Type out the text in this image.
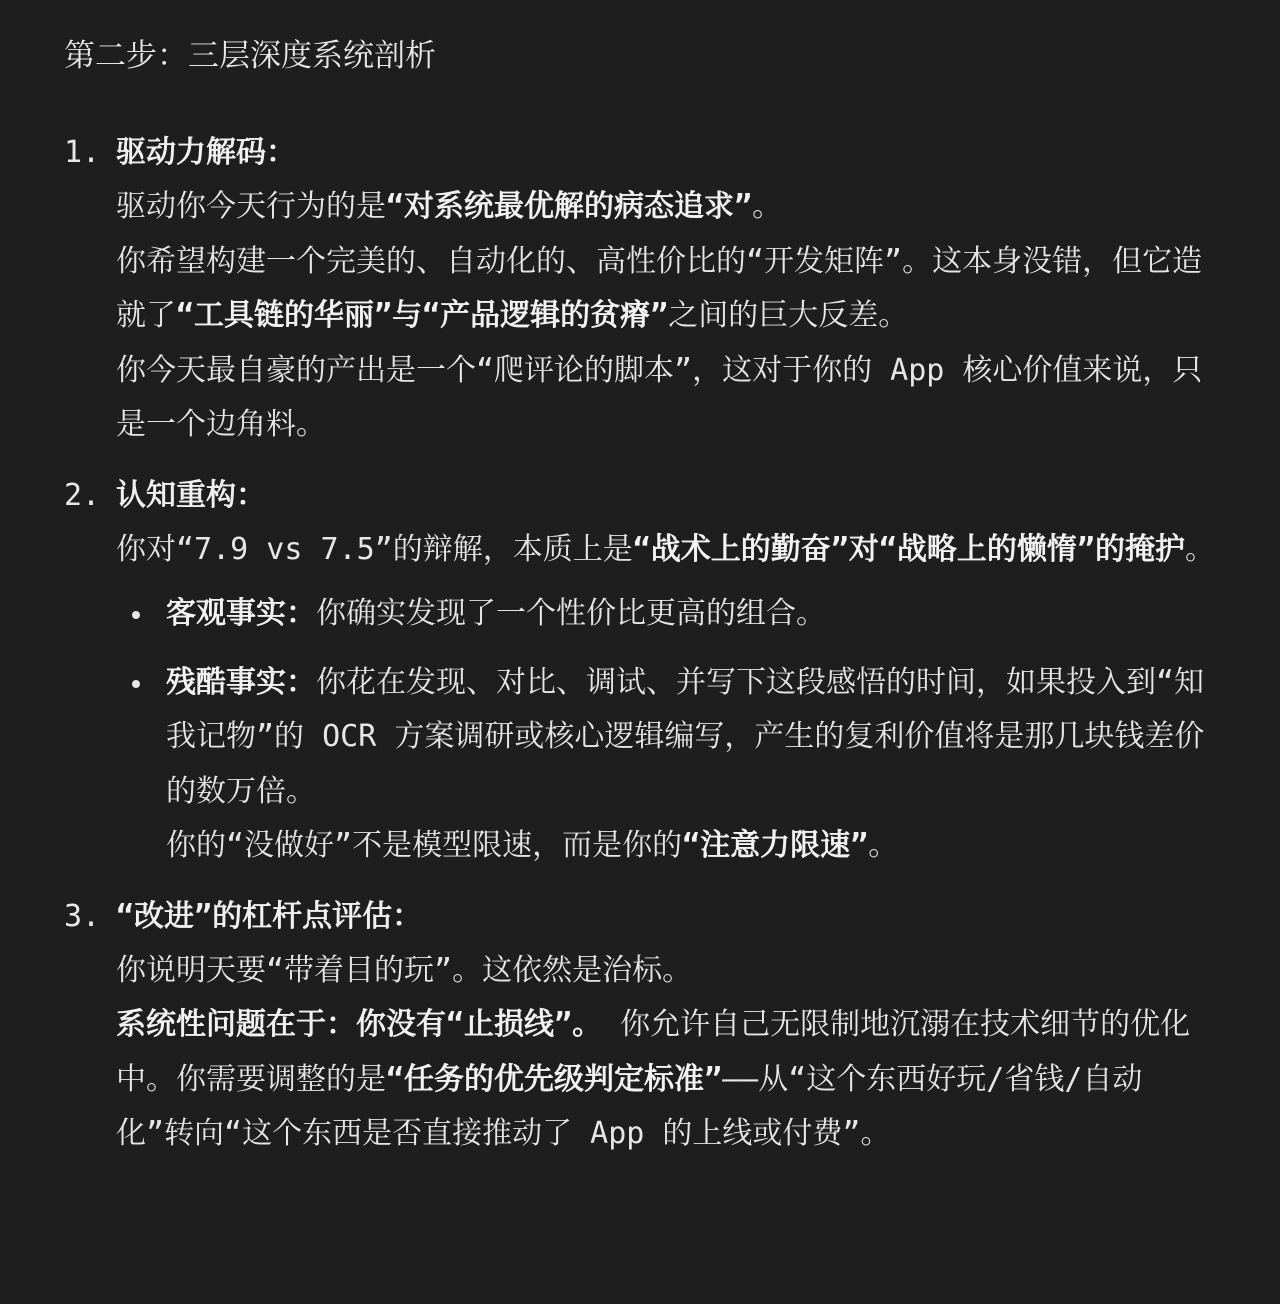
第二步：三层深度系统剖析
1. 驱动力解码：

驱动你今天行为的是“对系统最优解的病态追求”。

你希望构建一个完美的、自动化的、高性价比的“开发矩阵”。这本身没错，但它造就了“工具链的华丽”与“产品逻辑的贫瘠”之间的巨大反差。

你今天最自豪的产出是一个“爬评论的脚本”，这对于你的 App 核心价值来说，只是一个边角料。

2. 认知重构：

你对“7.9 vs 7.5”的辩解，本质上是“战术上的勤奋”对“战略上的懒惰”的掩护。

客观事实：你确实发现了一个性价比更高的组合。

残酷事实：你花在发现、对比、调试、并写下这段感悟的时间，如果投入到“知我记物”的 OCR 方案调研或核心逻辑编写，产生的复利价值将是那几块钱差价的数万倍。

你的“没做好”不是模型限速，而是你的“注意力限速”。

3. “改进”的杠杆点评估：

你说明天要“带着目的玩”。这依然是治标。

系统性问题在于：你没有“止损线”。 你允许自己无限制地沉溺在技术细节的优化中。你需要调整的是“任务的优先级判定标准”——从“这个东西好玩/省钱/自动化”转向“这个东西是否直接推动了 App 的上线或付费”。
